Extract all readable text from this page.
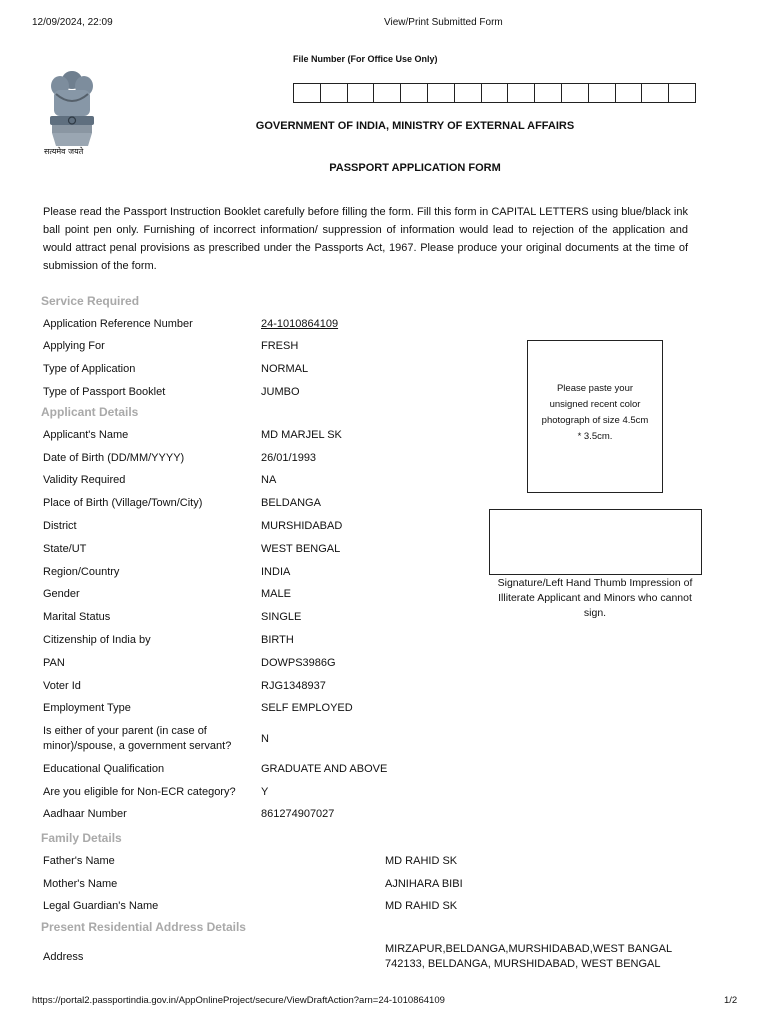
12/09/2024, 22:09	View/Print Submitted Form
सत्यमेव जयते
File Number (For Office Use Only)
GOVERNMENT OF INDIA, MINISTRY OF EXTERNAL AFFAIRS
PASSPORT APPLICATION FORM
Please read the Passport Instruction Booklet carefully before filling the form. Fill this form in CAPITAL LETTERS using blue/black ink ball point pen only. Furnishing of incorrect information/ suppression of information would lead to rejection of the application and would attract penal provisions as prescribed under the Passports Act, 1967. Please produce your original documents at the time of submission of the form.
Please paste your unsigned recent color photograph of size 4.5cm * 3.5cm.
Signature/Left Hand Thumb Impression of Illiterate Applicant and Minors who cannot sign.
Service Required
Application Reference Number	24-1010864109
Applying For	FRESH
Type of Application	NORMAL
Type of Passport Booklet	JUMBO
Applicant Details
Applicant's Name	MD MARJEL SK
Date of Birth (DD/MM/YYYY)	26/01/1993
Validity Required	NA
Place of Birth (Village/Town/City)	BELDANGA
District	MURSHIDABAD
State/UT	WEST BENGAL
Region/Country	INDIA
Gender	MALE
Marital Status	SINGLE
Citizenship of India by	BIRTH
PAN	DOWPS3986G
Voter Id	RJG1348937
Employment Type	SELF EMPLOYED
Is either of your parent (in case of
minor)/spouse, a government servant?
N
Educational Qualification	GRADUATE AND ABOVE
Are you eligible for Non-ECR category? Y
Aadhaar Number	861274907027
Family Details
Father's Name	MD RAHID SK
Mother's Name	AJNIHARA BIBI
Legal Guardian's Name	MD RAHID SK
Present Residential Address Details
Address
MIRZAPUR,BELDANGA,MURSHIDABAD,WEST BANGAL
742133, BELDANGA, MURSHIDABAD, WEST BENGAL
https://portal2.passportindia.gov.in/AppOnlineProject/secure/ViewDraftAction?arn=24-1010864109	1/2
